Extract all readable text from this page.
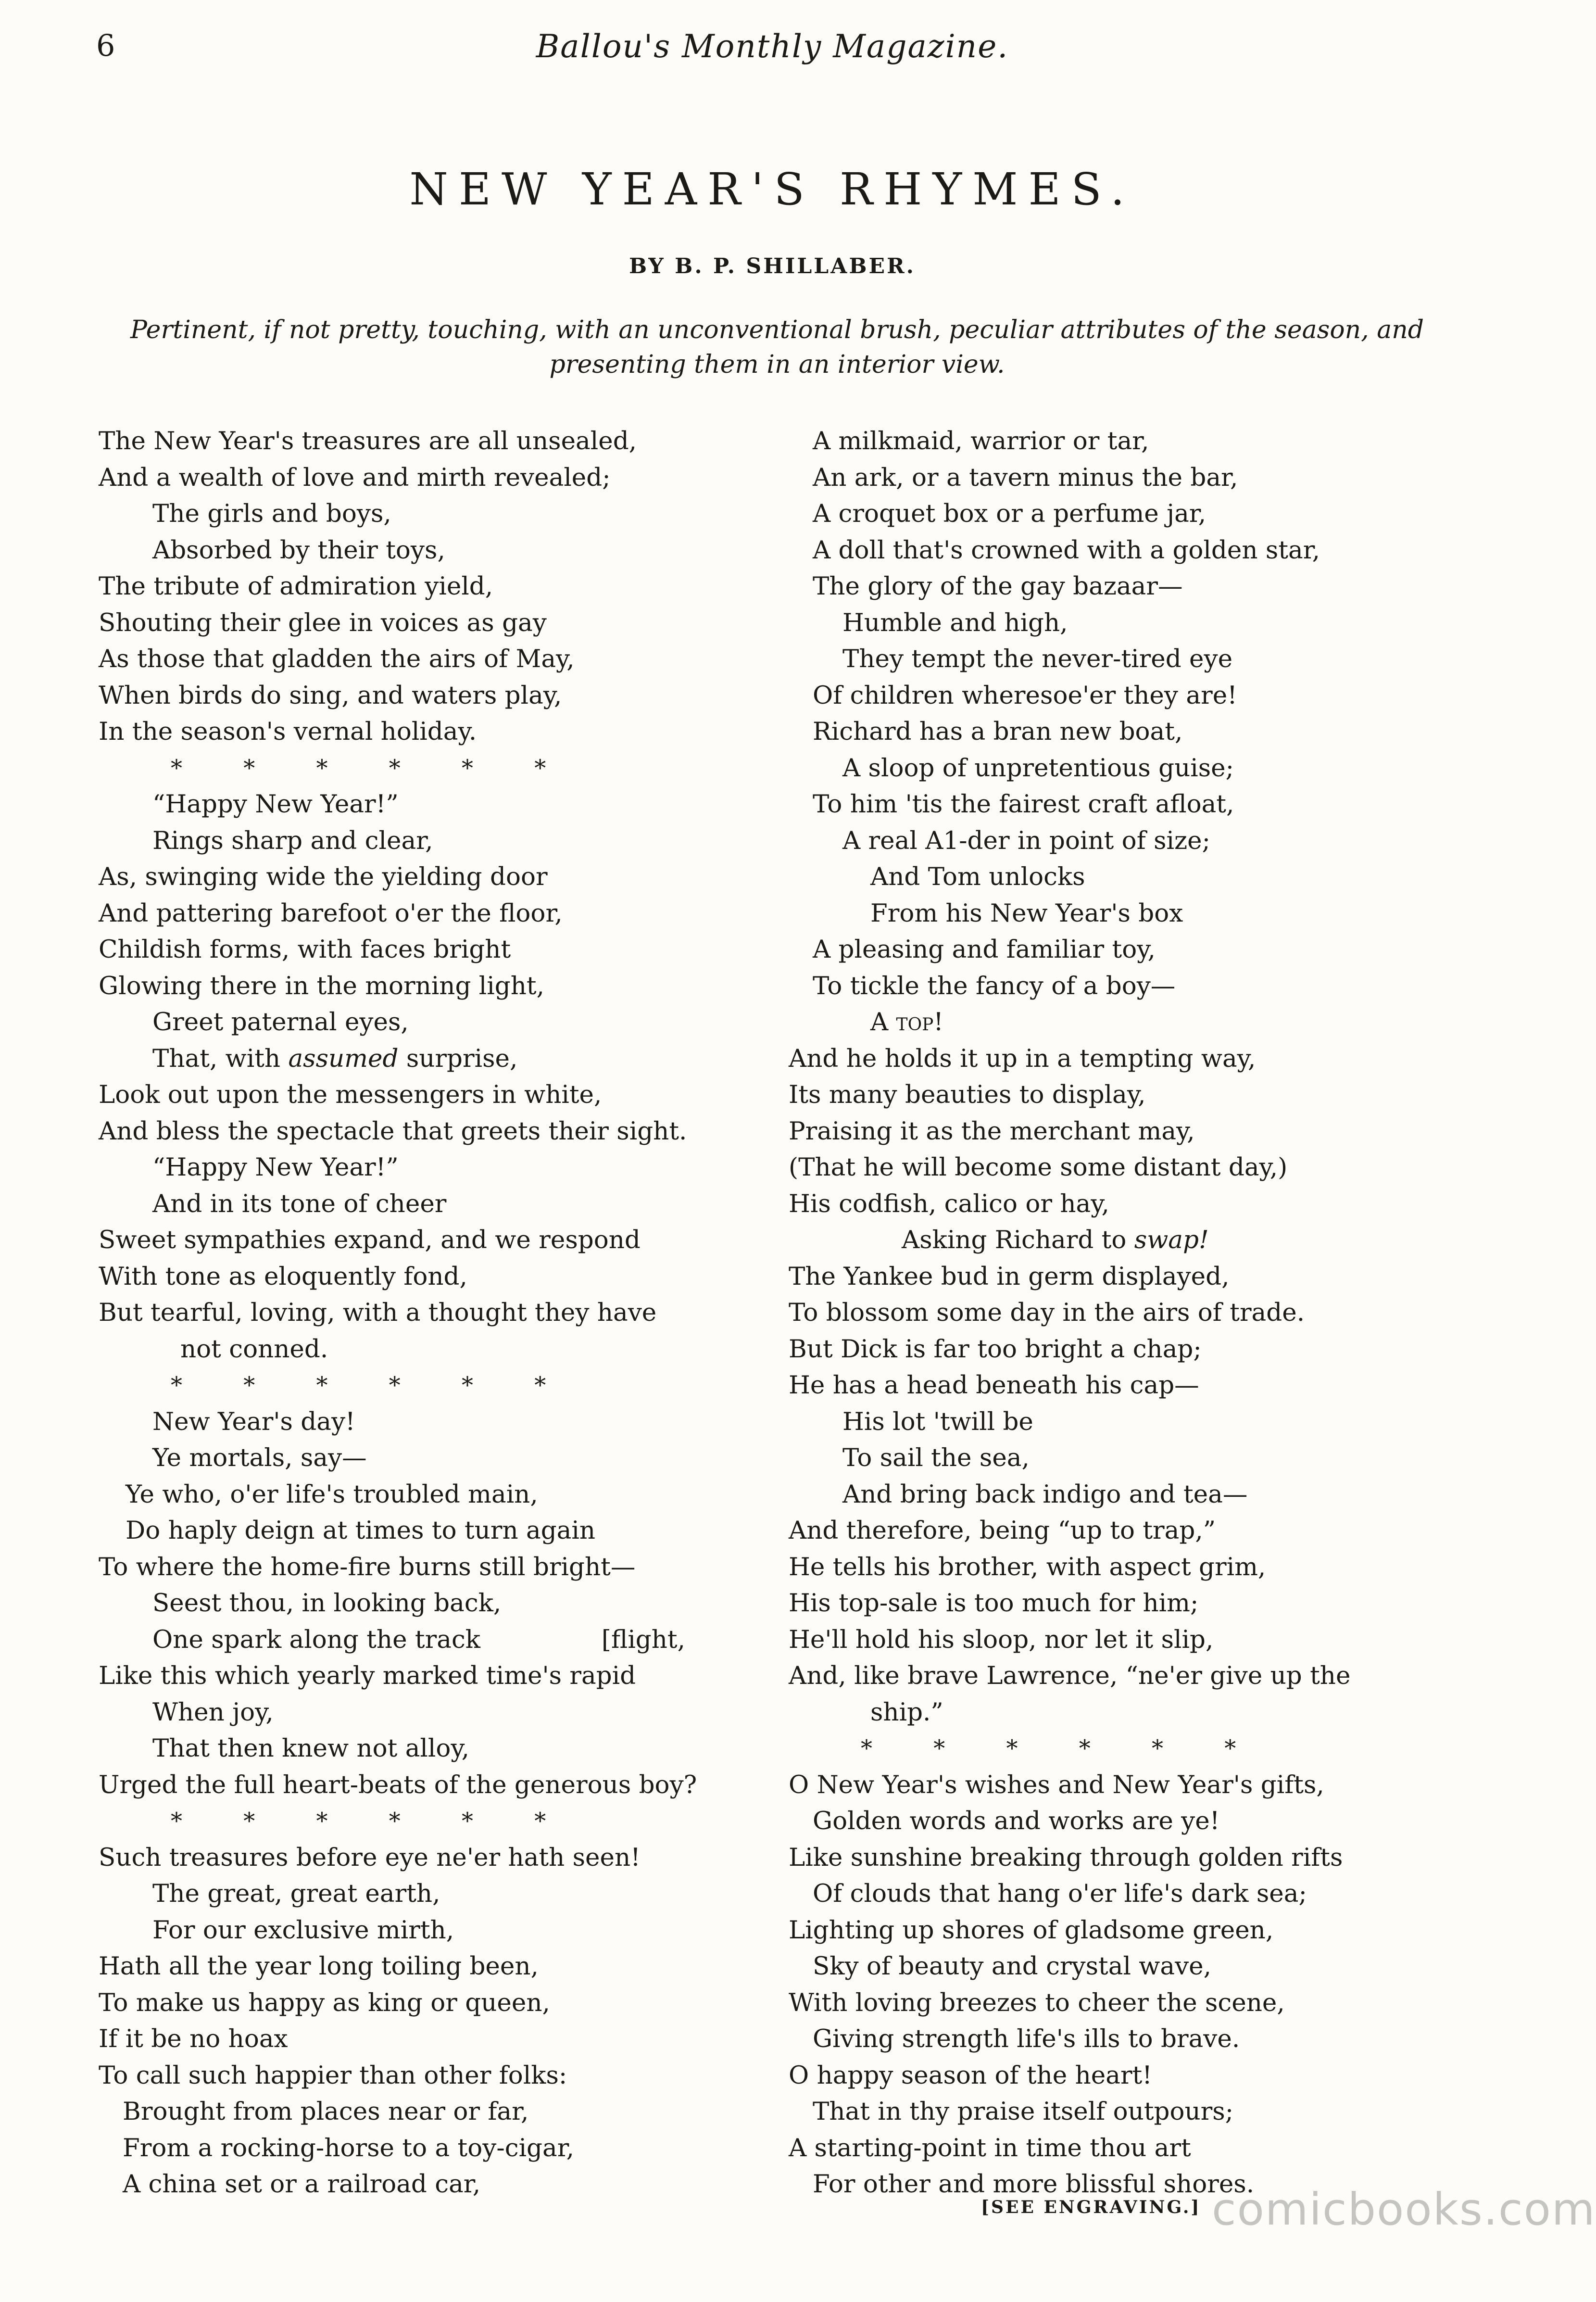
6	Ballou's Monthly Magazine.
NEW YEAR'S RHYMES.
BY B. P. SHILLABER.
Pertinent, if not pretty, touching, with an unconventional brush, peculiar attributes of the season, and presenting them in an interior view.
The New Year's treasures are all unsealed,
And a wealth of love and mirth revealed;
The girls and boys,
Absorbed by their toys,
The tribute of admiration yield,
Shouting their glee in voices as gay
As those that gladden the airs of May,
When birds do sing, and waters play,
In the season's vernal holiday.
* * * * * *
“Happy New Year!”
Rings sharp and clear,
As, swinging wide the yielding door
And pattering barefoot o'er the floor,
Childish forms, with faces bright
Glowing there in the morning light,
Greet paternal eyes,
That, with assumed surprise,
Look out upon the messengers in white,
And bless the spectacle that greets their sight.
“Happy New Year!”
And in its tone of cheer
Sweet sympathies expand, and we respond
With tone as eloquently fond,
But tearful, loving, with a thought they have
not conned.
* * * * * *
New Year's day!
Ye mortals, say—
Ye who, o'er life's troubled main,
Do haply deign at times to turn again
To where the home-fire burns still bright—
Seest thou, in looking back,
One spark along the track	[flight,
Like this which yearly marked time's rapid
When joy,
That then knew not alloy,
Urged the full heart-beats of the generous boy?
* * * * * *
Such treasures before eye ne'er hath seen!
The great, great earth,
For our exclusive mirth,
Hath all the year long toiling been,
To make us happy as king or queen,
If it be no hoax
To call such happier than other folks:
Brought from places near or far,
From a rocking-horse to a toy-cigar,
A china set or a railroad car,
A milkmaid, warrior or tar,
An ark, or a tavern minus the bar,
A croquet box or a perfume jar,
A doll that's crowned with a golden star,
The glory of the gay bazaar—
Humble and high,
They tempt the never-tired eye
Of children wheresoe'er they are!
Richard has a bran new boat,
A sloop of unpretentious guise;
To him 'tis the fairest craft afloat,
A real A1-der in point of size;
And Tom unlocks
From his New Year's box
A pleasing and familiar toy,
To tickle the fancy of a boy—
A top!
And he holds it up in a tempting way,
Its many beauties to display,
Praising it as the merchant may,
(That he will become some distant day,)
His codfish, calico or hay,
Asking Richard to swap!
The Yankee bud in germ displayed,
To blossom some day in the airs of trade.
But Dick is far too bright a chap;
He has a head beneath his cap—
His lot 'twill be
To sail the sea,
And bring back indigo and tea—
And therefore, being “up to trap,”
He tells his brother, with aspect grim,
His top-sale is too much for him;
He'll hold his sloop, nor let it slip,
And, like brave Lawrence, “ne'er give up the
ship.”
* * * * * *
O New Year's wishes and New Year's gifts,
Golden words and works are ye!
Like sunshine breaking through golden rifts
Of clouds that hang o'er life's dark sea;
Lighting up shores of gladsome green,
Sky of beauty and crystal wave,
With loving breezes to cheer the scene,
Giving strength life's ills to brave.
O happy season of the heart!
That in thy praise itself outpours;
A starting-point in time thou art
For other and more blissful shores.
[SEE ENGRAVING.] comicbooks.com
